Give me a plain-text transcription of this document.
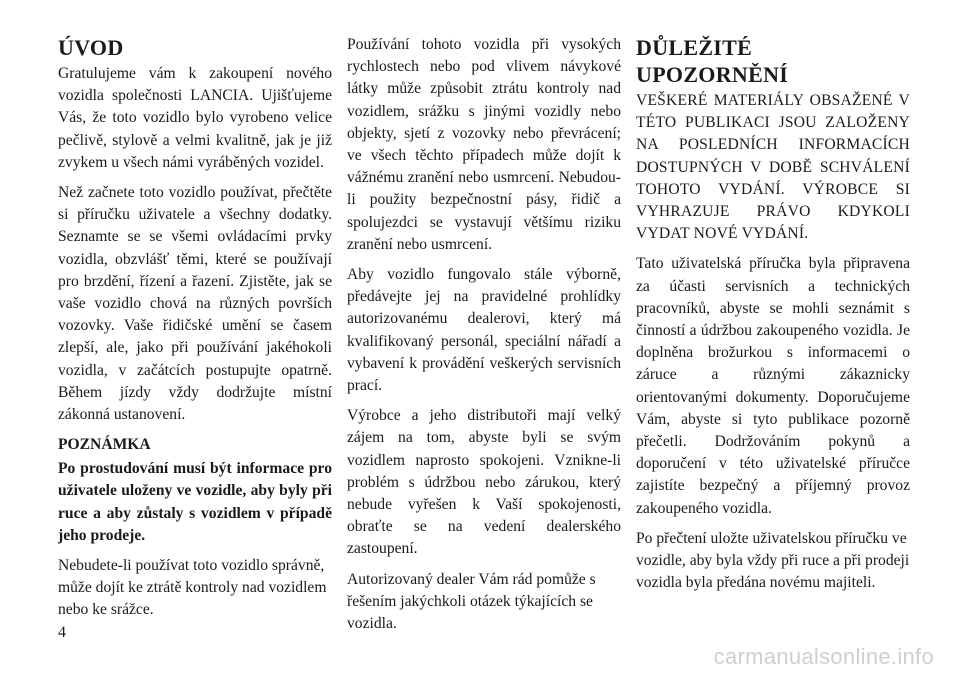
ÚVOD

Gratulujeme vám k zakoupení nového vozidla společnosti LANCIA. Ujišťujeme Vás, že toto vozidlo bylo vyrobeno velice pečlivě, stylově a velmi kvalitně, jak je již zvykem u všech námi vyráběných vozidel.

Než začnete toto vozidlo používat, přečtěte si příručku uživatele a všechny dodatky. Seznamte se se všemi ovládacími prvky vozidla, obzvlášť těmi, které se používají pro brzdění, řízení a řazení. Zjistěte, jak se vaše vozidlo chová na různých površích vozovky. Vaše řidičské umění se časem zlepší, ale, jako při používání jakéhokoli vozidla, v začátcích postupujte opatrně. Během jízdy vždy dodržujte místní zákonná ustanovení.

POZNÁMKA

Po prostudování musí být informace pro uživatele uloženy ve vozidle, aby byly při ruce a aby zůstaly s vozidlem v případě jeho prodeje.

Nebudete-li používat toto vozidlo správně, může dojít ke ztrátě kontroly nad vozidlem nebo ke srážce.

Používání tohoto vozidla při vysokých rychlostech nebo pod vlivem návykové látky může způsobit ztrátu kontroly nad vozidlem, srážku s jinými vozidly nebo objekty, sjetí z vozovky nebo převrácení; ve všech těchto případech může dojít k vážnému zranění nebo usmrcení. Nebudou-li použity bezpečnostní pásy, řidič a spolujezdci se vystavují většímu riziku zranění nebo usmrcení.

Aby vozidlo fungovalo stále výborně, předávejte jej na pravidelné prohlídky autorizovanému dealerovi, který má kvalifikovaný personál, speciální nářadí a vybavení k provádění veškerých servisních prací.

Výrobce a jeho distributoři mají velký zájem na tom, abyste byli se svým vozidlem naprosto spokojeni. Vznikne-li problém s údržbou nebo zárukou, který nebude vyřešen k Vaší spokojenosti, obraťte se na vedení dealerského zastoupení.

Autorizovaný dealer Vám rád pomůže s řešením jakýchkoli otázek týkajících se vozidla.

DŮLEŽITÉ
UPOZORNĚNÍ

VEŠKERÉ MATERIÁLY OBSAŽENÉ V TÉTO PUBLIKACI JSOU ZALOŽENY NA POSLEDNÍCH INFORMACÍCH DOSTUPNÝCH V DOBĚ SCHVÁLENÍ TOHOTO VYDÁNÍ. VÝROBCE SI VYHRAZUJE PRÁVO KDYKOLI VYDAT NOVÉ VYDÁNÍ.

Tato uživatelská příručka byla připravena za účasti servisních a technických pracovníků, abyste se mohli seznámit s činností a údržbou zakoupeného vozidla. Je doplněna brožurkou s informacemi o záruce a různými zákaznicky orientovanými dokumenty. Doporučujeme Vám, abyste si tyto publikace pozorně přečetli. Dodržováním pokynů a doporučení v této uživatelské příručce zajistíte bezpečný a příjemný provoz zakoupeného vozidla.

Po přečtení uložte uživatelskou příručku ve vozidle, aby byla vždy při ruce a při prodeji vozidla byla předána novému majiteli.

4
carmanualsonline.info
